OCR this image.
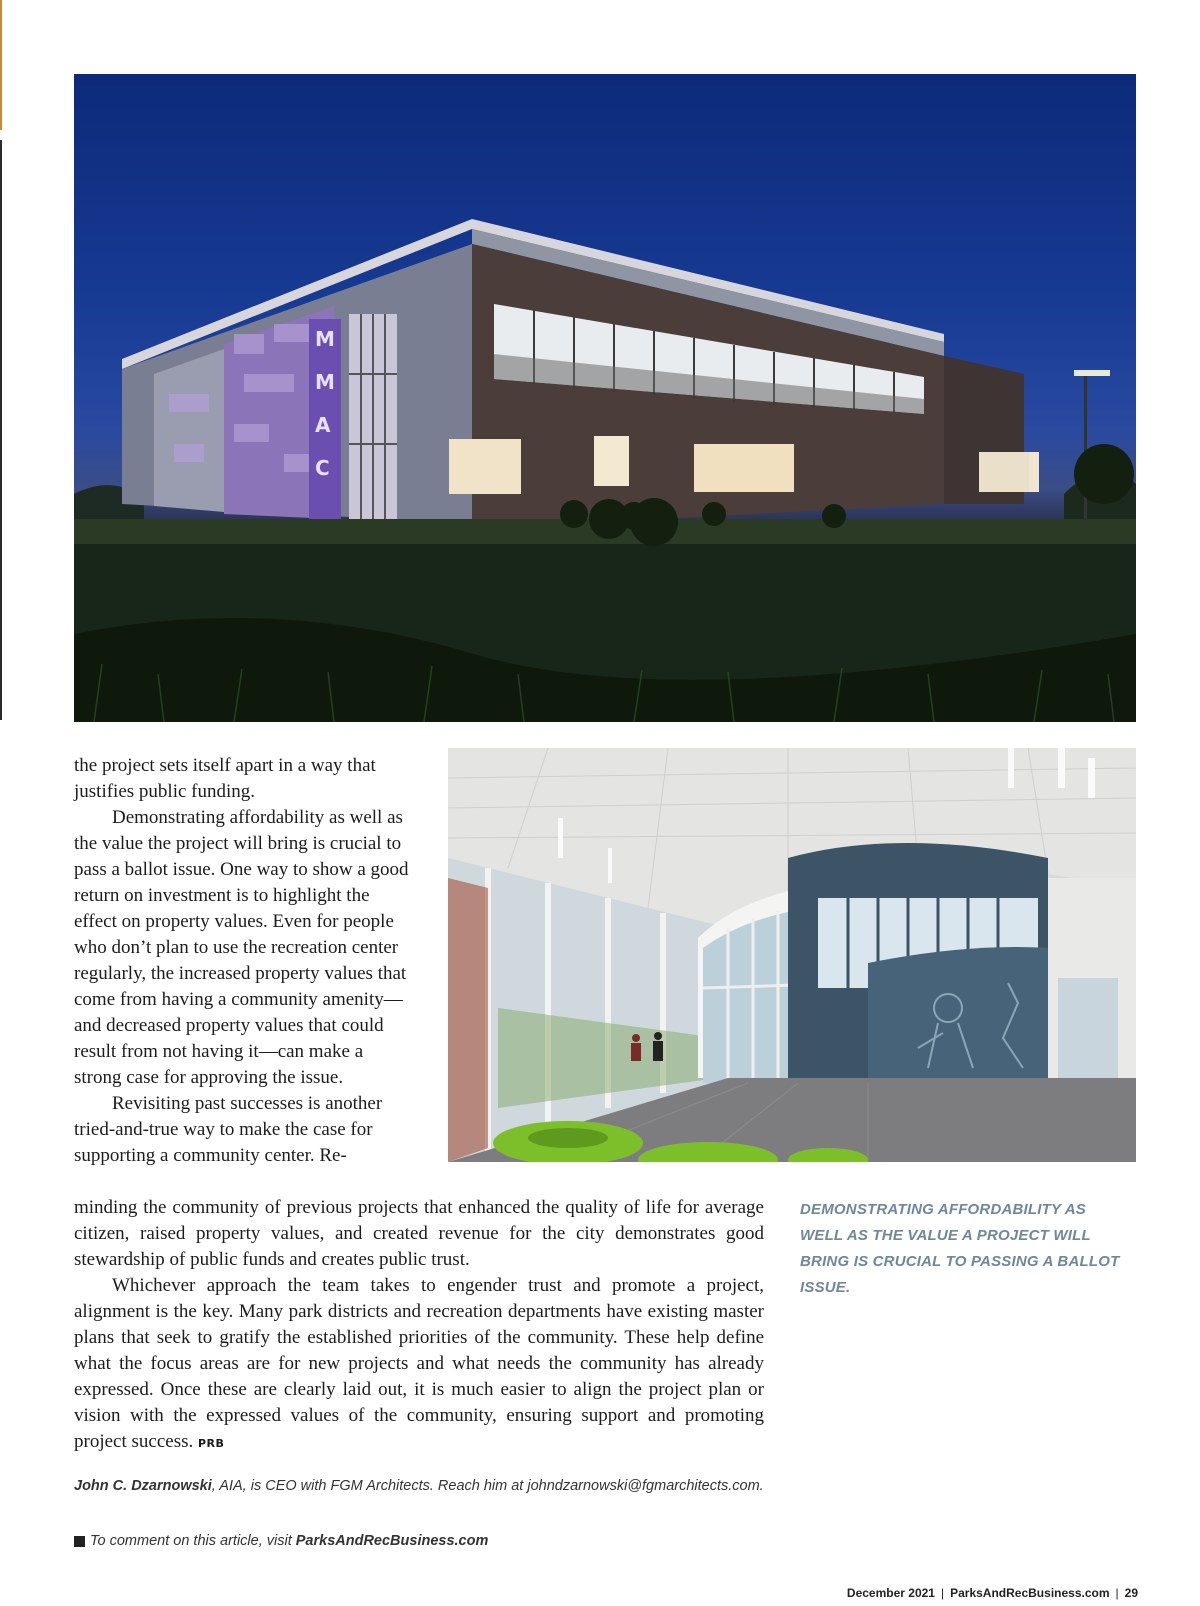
M
M
A
C

the project sets itself apart in a way that justifies public funding.

Demonstrating affordability as well as the value the project will bring is crucial to pass a ballot issue. One way to show a good return on investment is to highlight the effect on property values. Even for people who don’t plan to use the recreation center regularly, the increased property values that come from having a community amenity—and decreased property values that could result from not having it—can make a strong case for approving the issue.

Revisiting past successes is another tried-and-true way to make the case for supporting a community center. Re-

minding the community of previous projects that enhanced the quality of life for average citizen, raised property values, and created revenue for the city demonstrates good stewardship of public funds and creates public trust.

Whichever approach the team takes to engender trust and promote a project, alignment is the key. Many park districts and recreation departments have existing master plans that seek to gratify the established priorities of the community. These help define what the focus areas are for new projects and what needs the community has already expressed. Once these are clearly laid out, it is much easier to align the project plan or vision with the expressed values of the community, ensuring support and promoting project success. PRB

DEMONSTRATING AFFORDABILITY AS WELL AS THE VALUE A PROJECT WILL BRING IS CRUCIAL TO PASSING A BALLOT ISSUE.
John C. Dzarnowski, AIA, is CEO with FGM Architects. Reach him at johndzarnowski@fgmarchitects.com.
To comment on this article, visit
ParksAndRecBusiness.com
December 2021 | ParksAndRecBusiness.com | 29
